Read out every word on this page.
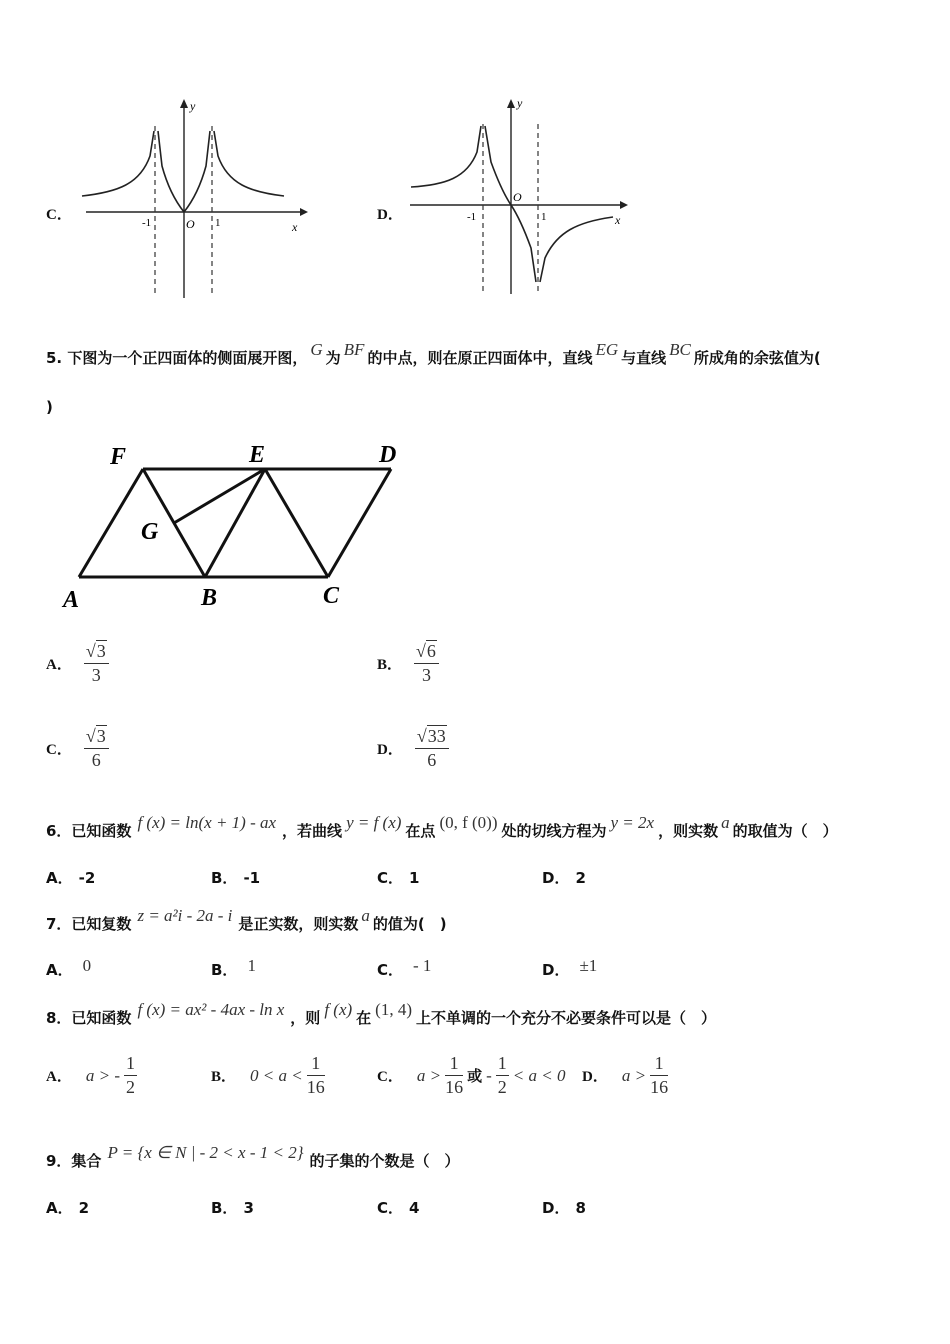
C．
y
x
-1	1
O
D．
y
x
-1	1
O
5. 下图为一个正四面体的侧面展开图， G 为 BF 的中点，则在原正四面体中，直线 EG 与直线 BC 所成角的余弦值为(
)
F	E	D
G
A	B	C
A． $\frac{√ 3}{3}$	B． $\frac{√ 6}{3}$
C． $\frac{√ 3}{6}$	D． $\frac{√ 33}{6}$
6．已知函数 f (x) = ln(x + 1) - ax ，若曲线 y = f (x) 在点 (0, f (0)) 处的切线方程为 y = 2x ，则实数 a 的取值为（　）
A． -2	B． -1	C． 1	D． 2
7．已知复数 z = a²i - 2a - i 是正实数，则实数 a 的值为(　)
A． 0	B． 1	C． - 1	D． ±1
8．已知函数 f (x) = ax² - 4ax - ln x ，则 f (x) 在 (1, 4) 上不单调的一个充分不必要条件可以是（　）
A． a > - $\frac{1}{2}$	B． $0 < a < \frac{1}{16}$	C． $a > \frac{1}{16}$ 或 - $\frac{1}{2} < a < 0$ D． $a > \frac{1}{16}$
9．集合 P = {x ∈ N | - 2 < x - 1 < 2} 的子集的个数是（　）
A． 2	B． 3	C． 4	D． 8
